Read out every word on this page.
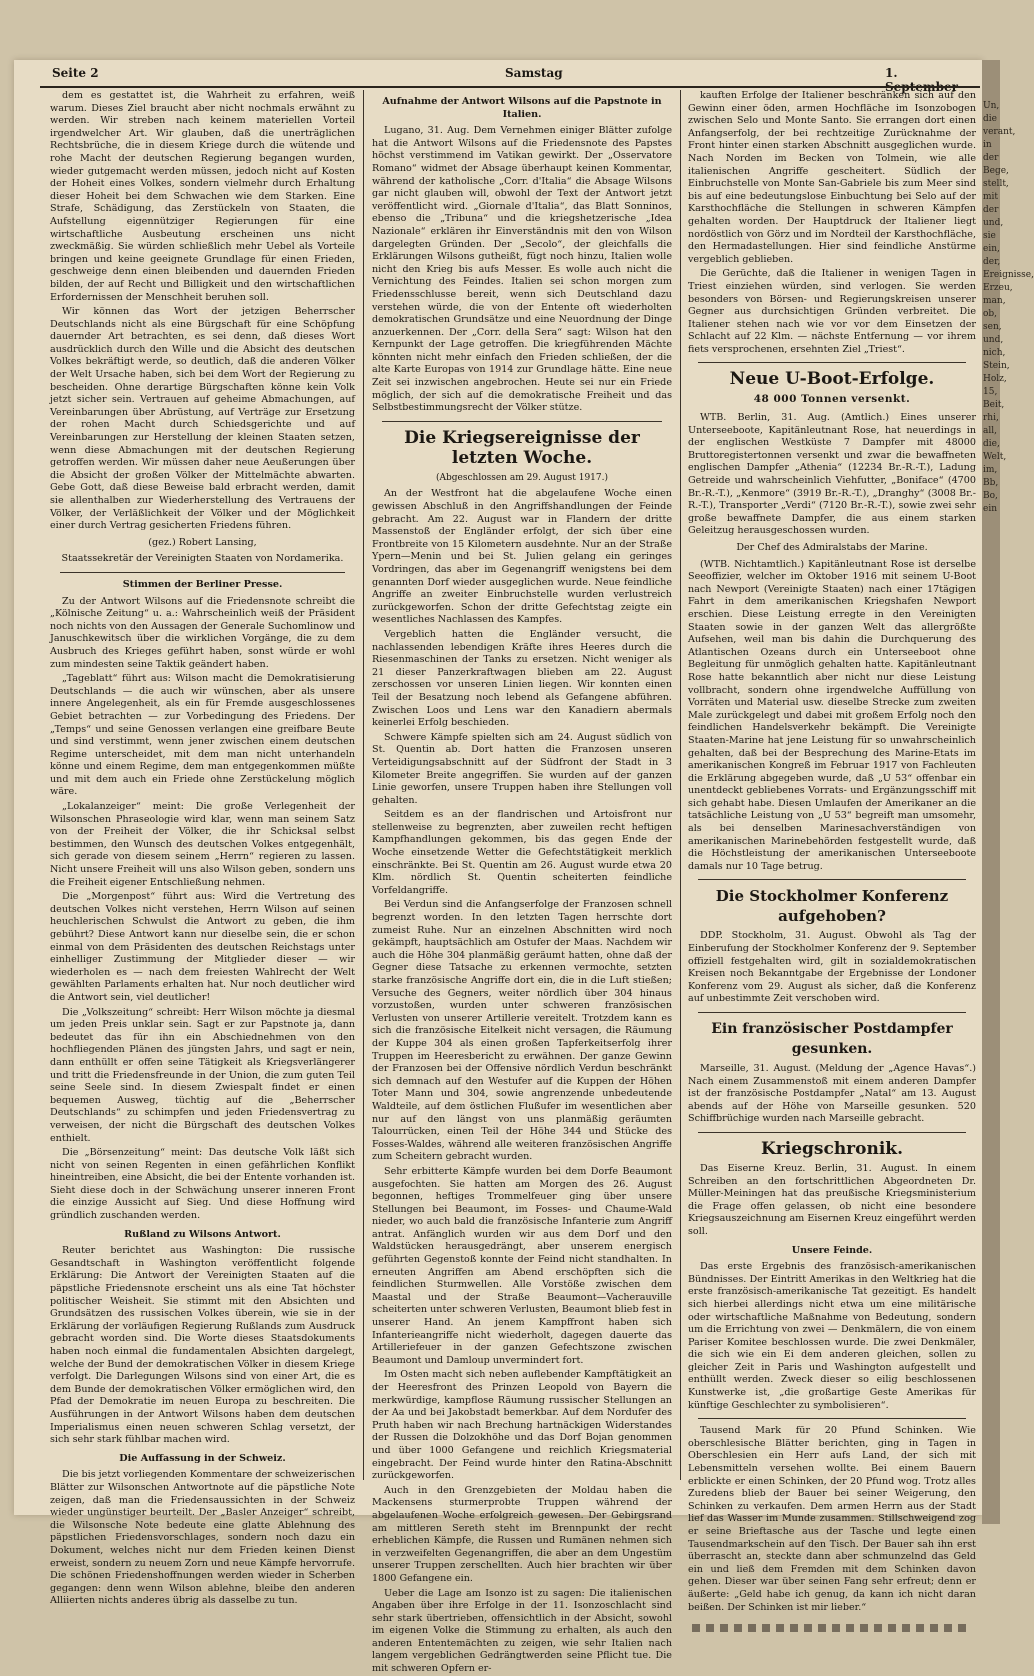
Seite 2	Samstag	1. September

dem es gestattet ist, die Wahrheit zu erfahren, weiß warum. Dieses Ziel braucht aber nicht nochmals erwähnt zu werden. Wir streben nach keinem materiellen Vorteil irgendwelcher Art. Wir glauben, daß die unerträglichen Rechtsbrüche, die in diesem Kriege durch die wütende und rohe Macht der deutschen Regierung begangen wurden, wieder gutgemacht werden müssen, jedoch nicht auf Kosten der Hoheit eines Volkes, sondern vielmehr durch Erhaltung dieser Hoheit bei dem Schwachen wie dem Starken. Eine Strafe, Schädigung, das Zerstückeln von Staaten, die Aufstellung eigennütziger Regierungen für eine wirtschaftliche Ausbeutung erscheinen uns nicht zweckmäßig. Sie würden schließlich mehr Uebel als Vorteile bringen und keine geeignete Grundlage für einen Frieden, geschweige denn einen bleibenden und dauernden Frieden bilden, der auf Recht und Billigkeit und den wirtschaftlichen Erfordernissen der Menschheit beruhen soll.

Wir können das Wort der jetzigen Beherrscher Deutschlands nicht als eine Bürgschaft für eine Schöpfung dauernder Art betrachten, es sei denn, daß dieses Wort ausdrücklich durch den Wille und die Absicht des deutschen Volkes bekräftigt werde, so deutlich, daß die anderen Völker der Welt Ursache haben, sich bei dem Wort der Regierung zu bescheiden. Ohne derartige Bürgschaften könne kein Volk jetzt sicher sein. Vertrauen auf geheime Abmachungen, auf Vereinbarungen über Abrüstung, auf Verträge zur Ersetzung der rohen Macht durch Schiedsgerichte und auf Vereinbarungen zur Herstellung der kleinen Staaten setzen, wenn diese Abmachungen mit der deutschen Regierung getroffen werden. Wir müssen daher neue Aeußerungen über die Absicht der großen Völker der Mittelmächte abwarten. Gebe Gott, daß diese Beweise bald erbracht werden, damit sie allenthalben zur Wiederherstellung des Vertrauens der Völker, der Verläßlichkeit der Völker und der Möglichkeit einer durch Vertrag gesicherten Friedens führen.

(gez.) Robert Lansing,
Staatssekretär der Vereinigten Staaten von Nordamerika.
Stimmen der Berliner Presse.

Zu der Antwort Wilsons auf die Friedensnote schreibt die „Kölnische Zeitung“ u. a.: Wahrscheinlich weiß der Präsident noch nichts von den Aussagen der Generale Suchomlinow und Januschkewitsch über die wirklichen Vorgänge, die zu dem Ausbruch des Krieges geführt haben, sonst würde er wohl zum mindesten seine Taktik geändert haben.

„Tageblatt“ führt aus: Wilson macht die Demokratisierung Deutschlands — die auch wir wünschen, aber als unsere innere Angelegenheit, als ein für Fremde ausgeschlossenes Gebiet betrachten — zur Vorbedingung des Friedens. Der „Temps“ und seine Genossen verlangen eine greifbare Beute und sind verstimmt, wenn jener zwischen einem deutschen Regime unterscheidet, mit dem man nicht unterhandeln könne und einem Regime, dem man entgegenkommen müßte und mit dem auch ein Friede ohne Zerstückelung möglich wäre.

„Lokalanzeiger“ meint: Die große Verlegenheit der Wilsonschen Phraseologie wird klar, wenn man seinem Satz von der Freiheit der Völker, die ihr Schicksal selbst bestimmen, den Wunsch des deutschen Volkes entgegenhält, sich gerade von diesem seinem „Herrn“ regieren zu lassen. Nicht unsere Freiheit will uns also Wilson geben, sondern uns die Freiheit eigener Entschließung nehmen.

Die „Morgenpost“ führt aus: Wird die Vertretung des deutschen Volkes nicht verstehen, Herrn Wilson auf seinen heuchlerischen Schwulst die Antwort zu geben, die ihm gebührt? Diese Antwort kann nur dieselbe sein, die er schon einmal von dem Präsidenten des deutschen Reichstags unter einhelliger Zustimmung der Mitglieder dieser — wir wiederholen es — nach dem freiesten Wahlrecht der Welt gewählten Parlaments erhalten hat. Nur noch deutlicher wird die Antwort sein, viel deutlicher!

Die „Volkszeitung“ schreibt: Herr Wilson möchte ja diesmal um jeden Preis unklar sein. Sagt er zur Papstnote ja, dann bedeutet das für ihn ein Abschiednehmen von den hochfliegenden Plänen des jüngsten Jahrs, und sagt er nein, dann enthüllt er offen seine Tätigkeit als Kriegsverlängerer und tritt die Friedensfreunde in der Union, die zum guten Teil seine Seele sind. In diesem Zwiespalt findet er einen bequemen Ausweg, tüchtig auf die „Beherrscher Deutschlands“ zu schimpfen und jeden Friedensvertrag zu verweisen, der nicht die Bürgschaft des deutschen Volkes enthielt.

Die „Börsenzeitung“ meint: Das deutsche Volk läßt sich nicht von seinen Regenten in einen gefährlichen Konflikt hineintreiben, eine Absicht, die bei der Entente vorhanden ist. Sieht diese doch in der Schwächung unserer inneren Front die einzige Aussicht auf Sieg. Und diese Hoffnung wird gründlich zuschanden werden.

Rußland zu Wilsons Antwort.

Reuter berichtet aus Washington: Die russische Gesandtschaft in Washington veröffentlicht folgende Erklärung: Die Antwort der Vereinigten Staaten auf die päpstliche Friedensnote erscheint uns als eine Tat höchster politischer Weisheit. Sie stimmt mit den Absichten und Grundsätzen des russischen Volkes überein, wie sie in der Erklärung der vorläufigen Regierung Rußlands zum Ausdruck gebracht worden sind. Die Worte dieses Staatsdokuments haben noch einmal die fundamentalen Absichten dargelegt, welche der Bund der demokratischen Völker in diesem Kriege verfolgt. Die Darlegungen Wilsons sind von einer Art, die es dem Bunde der demokratischen Völker ermöglichen wird, den Pfad der Demokratie im neuen Europa zu beschreiten. Die Ausführungen in der Antwort Wilsons haben dem deutschen Imperialismus einen neuen schweren Schlag versetzt, der sich sehr stark fühlbar machen wird.

Die Auffassung in der Schweiz.

Die bis jetzt vorliegenden Kommentare der schweizerischen Blätter zur Wilsonschen Antwortnote auf die päpstliche Note zeigen, daß man die Friedensaussichten in der Schweiz wieder ungünstiger beurteilt. Der „Basler Anzeiger“ schreibt, die Wilsonsche Note bedeute eine glatte Ablehnung des päpstlichen Friedensvorschlages, sondern noch dazu ein Dokument, welches nicht nur dem Frieden keinen Dienst erweist, sondern zu neuem Zorn und neue Kämpfe hervorrufe. Die schönen Friedenshoffnungen werden wieder in Scherben gegangen: denn wenn Wilson ablehne, bleibe den anderen Alliierten nichts anderes übrig als dasselbe zu tun.

Aufnahme der Antwort Wilsons auf die Papstnote in Italien.

Lugano, 31. Aug. Dem Vernehmen einiger Blätter zufolge hat die Antwort Wilsons auf die Friedensnote des Papstes höchst verstimmend im Vatikan gewirkt. Der „Osservatore Romano“ widmet der Absage überhaupt keinen Kommentar, während der katholische „Corr. d'Italia“ die Absage Wilsons gar nicht glauben will, obwohl der Text der Antwort jetzt veröffentlicht wird. „Giornale d'Italia“, das Blatt Sonninos, ebenso die „Tribuna“ und die kriegshetzerische „Idea Nazionale“ erklären ihr Einverständnis mit den von Wilson dargelegten Gründen. Der „Secolo“, der gleichfalls die Erklärungen Wilsons gutheißt, fügt noch hinzu, Italien wolle nicht den Krieg bis aufs Messer. Es wolle auch nicht die Vernichtung des Feindes. Italien sei schon morgen zum Friedensschlusse bereit, wenn sich Deutschland dazu verstehen würde, die von der Entente oft wiederholten demokratischen Grundsätze und eine Neuordnung der Dinge anzuerkennen. Der „Corr. della Sera“ sagt: Wilson hat den Kernpunkt der Lage getroffen. Die kriegführenden Mächte könnten nicht mehr einfach den Frieden schließen, der die alte Karte Europas von 1914 zur Grundlage hätte. Eine neue Zeit sei inzwischen angebrochen. Heute sei nur ein Friede möglich, der sich auf die demokratische Freiheit und das Selbstbestimmungsrecht der Völker stütze.

Die Kriegsereignisse der letzten Woche.
(Abgeschlossen am 29. August 1917.)

An der Westfront hat die abgelaufene Woche einen gewissen Abschluß in den Angriffshandlungen der Feinde gebracht. Am 22. August war in Flandern der dritte Massenstoß der Engländer erfolgt, der sich über eine Frontbreite von 15 Kilometern ausdehnte. Nur an der Straße Ypern—Menin und bei St. Julien gelang ein geringes Vordringen, das aber im Gegenangriff wenigstens bei dem genannten Dorf wieder ausgeglichen wurde. Neue feindliche Angriffe an zweiter Einbruchstelle wurden verlustreich zurückgeworfen. Schon der dritte Gefechtstag zeigte ein wesentliches Nachlassen des Kampfes.

Vergeblich hatten die Engländer versucht, die nachlassenden lebendigen Kräfte ihres Heeres durch die Riesenmaschinen der Tanks zu ersetzen. Nicht weniger als 21 dieser Panzerkraftwagen blieben am 22. August zerschossen vor unseren Linien liegen. Wir konnten einen Teil der Besatzung noch lebend als Gefangene abführen. Zwischen Loos und Lens war den Kanadiern abermals keinerlei Erfolg beschieden.

Schwere Kämpfe spielten sich am 24. August südlich von St. Quentin ab. Dort hatten die Franzosen unseren Verteidigungsabschnitt auf der Südfront der Stadt in 3 Kilometer Breite angegriffen. Sie wurden auf der ganzen Linie geworfen, unsere Truppen haben ihre Stellungen voll gehalten.

Seitdem es an der flandrischen und Artoisfront nur stellenweise zu begrenzten, aber zuweilen recht heftigen Kampfhandlungen gekommen, bis das gegen Ende der Woche einsetzende Wetter die Gefechtstätigkeit merklich einschränkte. Bei St. Quentin am 26. August wurde etwa 20 Klm. nördlich St. Quentin scheiterten feindliche Vorfeldangriffe.

Bei Verdun sind die Anfangserfolge der Franzosen schnell begrenzt worden. In den letzten Tagen herrschte dort zumeist Ruhe. Nur an einzelnen Abschnitten wird noch gekämpft, hauptsächlich am Ostufer der Maas. Nachdem wir auch die Höhe 304 planmäßig geräumt hatten, ohne daß der Gegner diese Tatsache zu erkennen vermochte, setzten starke französische Angriffe dort ein, die in die Luft stießen; Versuche des Gegners, weiter nördlich über 304 hinaus vorzustoßen, wurden unter schweren französischen Verlusten von unserer Artillerie vereitelt. Trotzdem kann es sich die französische Eitelkeit nicht versagen, die Räumung der Kuppe 304 als einen großen Tapferkeitserfolg ihrer Truppen im Heeresbericht zu erwähnen. Der ganze Gewinn der Franzosen bei der Offensive nördlich Verdun beschränkt sich demnach auf den Westufer auf die Kuppen der Höhen Toter Mann und 304, sowie angrenzende unbedeutende Waldteile, auf dem östlichen Flußufer im wesentlichen aber nur auf den längst von uns planmäßig geräumten Talourrücken, einen Teil der Höhe 344 und Stücke des Fosses-Waldes, während alle weiteren französischen Angriffe zum Scheitern gebracht wurden.

Sehr erbitterte Kämpfe wurden bei dem Dorfe Beaumont ausgefochten. Sie hatten am Morgen des 26. August begonnen, heftiges Trommelfeuer ging über unsere Stellungen bei Beaumont, im Fosses- und Chaume-Wald nieder, wo auch bald die französische Infanterie zum Angriff antrat. Anfänglich wurden wir aus dem Dorf und den Waldstücken herausgedrängt, aber unserem energisch geführten Gegenstoß konnte der Feind nicht standhalten. In erneuten Angriffen am Abend erschöpften sich die feindlichen Sturmwellen. Alle Vorstöße zwischen dem Maastal und der Straße Beaumont—Vacherauville scheiterten unter schweren Verlusten, Beaumont blieb fest in unserer Hand. An jenem Kampffront haben sich Infanterieangriffe nicht wiederholt, dagegen dauerte das Artilleriefeuer in der ganzen Gefechtszone zwischen Beaumont und Damloup unvermindert fort.

Im Osten macht sich neben auflebender Kampftätigkeit an der Heeresfront des Prinzen Leopold von Bayern die merkwürdige, kampflose Räumung russischer Stellungen an der Aa und bei Jakobstadt bemerkbar. Auf dem Nordufer des Pruth haben wir nach Brechung hartnäckigen Widerstandes der Russen die Dolzokhöhe und das Dorf Bojan genommen und über 1000 Gefangene und reichlich Kriegsmaterial eingebracht. Der Feind wurde hinter den Ratina-Abschnitt zurückgeworfen.

Auch in den Grenzgebieten der Moldau haben die Mackensens sturmerprobte Truppen während der abgelaufenen Woche erfolgreich gewesen. Der Gebirgsrand am mittleren Sereth steht im Brennpunkt der recht erheblichen Kämpfe, die Russen und Rumänen nehmen sich in verzweifelten Gegenangriffen, die aber an dem Ungestüm unserer Truppen zerschellten. Auch hier brachten wir über 1800 Gefangene ein.

Ueber die Lage am Isonzo ist zu sagen: Die italienischen Angaben über ihre Erfolge in der 11. Isonzoschlacht sind sehr stark übertrieben, offensichtlich in der Absicht, sowohl im eigenen Volke die Stimmung zu erhalten, als auch den anderen Ententemächten zu zeigen, wie sehr Italien nach langem vergeblichen Gedrängtwerden seine Pflicht tue. Die mit schweren Opfern er-

kauften Erfolge der Italiener beschränken sich auf den Gewinn einer öden, armen Hochfläche im Isonzobogen zwischen Selo und Monte Santo. Sie errangen dort einen Anfangserfolg, der bei rechtzeitige Zurücknahme der Front hinter einen starken Abschnitt ausgeglichen wurde. Nach Norden im Becken von Tolmein, wie alle italienischen Angriffe gescheitert. Südlich der Einbruchstelle von Monte San-Gabriele bis zum Meer sind bis auf eine bedeutungslose Einbuchtung bei Selo auf der Karsthochfläche die Stellungen in schweren Kämpfen gehalten worden. Der Hauptdruck der Italiener liegt nordöstlich von Görz und im Nordteil der Karsthochfläche, den Hermadastellungen. Hier sind feindliche Anstürme vergeblich geblieben.

Die Gerüchte, daß die Italiener in wenigen Tagen in Triest einziehen würden, sind verlogen. Sie werden besonders von Börsen- und Regierungskreisen unserer Gegner aus durchsichtigen Gründen verbreitet. Die Italiener stehen nach wie vor vor dem Einsetzen der Schlacht auf 22 Klm. — nächste Entfernung — vor ihrem fiets versprochenen, ersehnten Ziel „Triest“.

Neue U-Boot-Erfolge.
48 000 Tonnen versenkt.

WTB. Berlin, 31. Aug. (Amtlich.) Eines unserer Unterseeboote, Kapitänleutnant Rose, hat neuerdings in der englischen Westküste 7 Dampfer mit 48000 Bruttoregistertonnen versenkt und zwar die bewaffneten englischen Dampfer „Athenia“ (12234 Br.-R.-T.), Ladung Getreide und wahrscheinlich Viehfutter, „Boniface“ (4700 Br.-R.-T.), „Kenmore“ (3919 Br.-R.-T.), „Dranghy“ (3008 Br.-R.-T.), Transporter „Verdi“ (7120 Br.-R.-T.), sowie zwei sehr große bewaffnete Dampfer, die aus einem starken Geleitzug herausgeschossen wurden.

Der Chef des Admiralstabs der Marine.

(WTB. Nichtamtlich.) Kapitänleutnant Rose ist derselbe Seeoffizier, welcher im Oktober 1916 mit seinem U-Boot nach Newport (Vereinigte Staaten) nach einer 17tägigen Fahrt in dem amerikanischen Kriegshafen Newport erschien. Diese Leistung erregte in den Vereinigten Staaten sowie in der ganzen Welt das allergrößte Aufsehen, weil man bis dahin die Durchquerung des Atlantischen Ozeans durch ein Unterseeboot ohne Begleitung für unmöglich gehalten hatte. Kapitänleutnant Rose hatte bekanntlich aber nicht nur diese Leistung vollbracht, sondern ohne irgendwelche Auffüllung von Vorräten und Material usw. dieselbe Strecke zum zweiten Male zurückgelegt und dabei mit großem Erfolg noch den feindlichen Handelsverkehr bekämpft. Die Vereinigte Staaten-Marine hat jene Leistung für so unwahrscheinlich gehalten, daß bei der Besprechung des Marine-Etats im amerikanischen Kongreß im Februar 1917 von Fachleuten die Erklärung abgegeben wurde, daß „U 53“ offenbar ein unentdeckt gebliebenes Vorrats- und Ergänzungsschiff mit sich gehabt habe. Diesen Umlaufen der Amerikaner an die tatsächliche Leistung von „U 53“ begreift man umsomehr, als bei denselben Marinesachverständigen von amerikanischen Marinebehörden festgestellt wurde, daß die Höchstleistung der amerikanischen Unterseeboote damals nur 10 Tage betrug.

Die Stockholmer Konferenz aufgehoben?

DDP. Stockholm, 31. August. Obwohl als Tag der Einberufung der Stockholmer Konferenz der 9. September offiziell festgehalten wird, gilt in sozialdemokratischen Kreisen noch Bekanntgabe der Ergebnisse der Londoner Konferenz vom 29. August als sicher, daß die Konferenz auf unbestimmte Zeit verschoben wird.

Ein französischer Postdampfer gesunken.

Marseille, 31. August. (Meldung der „Agence Havas“.) Nach einem Zusammenstoß mit einem anderen Dampfer ist der französische Postdampfer „Natal“ am 13. August abends auf der Höhe von Marseille gesunken. 520 Schiffbrüchige wurden nach Marseille gebracht.

Kriegschronik.

Das Eiserne Kreuz. Berlin, 31. August. In einem Schreiben an den fortschrittlichen Abgeordneten Dr. Müller-Meiningen hat das preußische Kriegsministerium die Frage offen gelassen, ob nicht eine besondere Kriegsauszeichnung am Eisernen Kreuz eingeführt werden soll.

Unsere Feinde.

Das erste Ergebnis des französisch-amerikanischen Bündnisses. Der Eintritt Amerikas in den Weltkrieg hat die erste französisch-amerikanische Tat gezeitigt. Es handelt sich hierbei allerdings nicht etwa um eine militärische oder wirtschaftliche Maßnahme von Bedeutung, sondern um die Errichtung von zwei — Denkmälern, die von einem Pariser Komitee beschlossen wurde. Die zwei Denkmäler, die sich wie ein Ei dem anderen gleichen, sollen zu gleicher Zeit in Paris und Washington aufgestellt und enthüllt werden. Zweck dieser so eilig beschlossenen Kunstwerke ist, „die großartige Geste Amerikas für künftige Geschlechter zu symbolisieren“.

Tausend Mark für 20 Pfund Schinken. Wie oberschlesische Blätter berichten, ging in Tagen in Oberschlesien ein Herr aufs Land, der sich mit Lebensmitteln versehen wollte. Bei einem Bauern erblickte er einen Schinken, der 20 Pfund wog. Trotz alles Zuredens blieb der Bauer bei seiner Weigerung, den Schinken zu verkaufen. Dem armen Herrn aus der Stadt lief das Wasser im Munde zusammen. Stillschweigend zog er seine Brieftasche aus der Tasche und legte einen Tausendmarkschein auf den Tisch. Der Bauer sah ihn erst überrascht an, steckte dann aber schmunzelnd das Geld ein und ließ dem Fremden mit dem Schinken davon gehen. Dieser war über seinen Fang sehr erfreut; denn er äußerte: „Geld habe ich genug, da kann ich nicht daran beißen. Der Schinken ist mir lieber.“

Un, die verant, in der Bege, stellt, mit der und, sie ein, der, Ereignisse, Erzeu, man, ob, sen, und, nich, Stein, Holz, 15, Beit, rhi, all, die, Welt, im, Bb, Bo, ein
